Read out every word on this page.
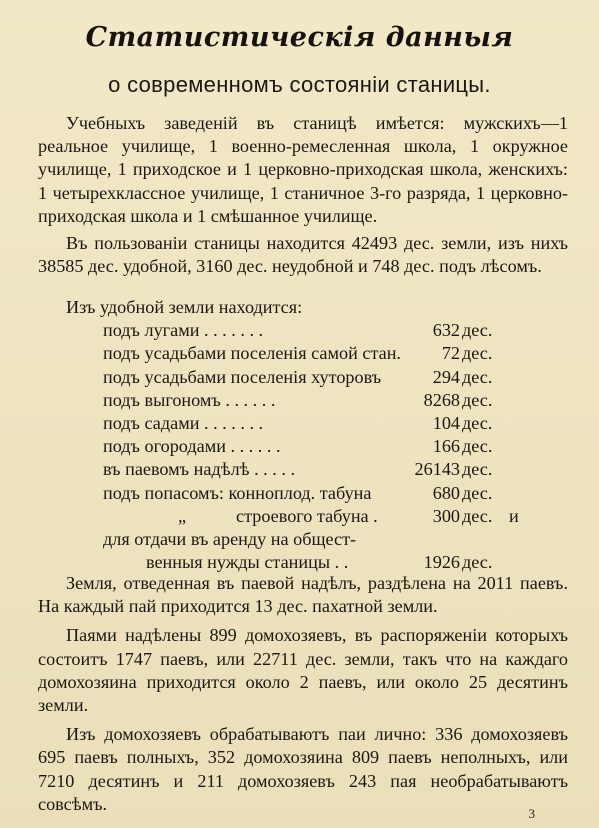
Статистическія данныя
о современномъ состояніи станицы.

Учебныхъ заведеній въ станицѣ имѣется: мужскихъ—1 реальное училище, 1 военно-ремесленная школа, 1 окружное училище, 1 приходское и 1 церковно-приходская школа, женскихъ: 1 четырехклассное училище, 1 станичное 3-го разряда, 1 церковно-приходская школа и 1 смѣшанное училище.

Въ пользованіи станицы находится 42493 дес. земли, изъ нихъ 38585 дес. удобной, 3160 дес. неудобной и 748 дес. подъ лѣсомъ.

Изъ удобной земли находится:
подъ лугами . . . . . . .	632 дес.
подъ усадьбами поселенія самой стан. 72 дес.
подъ усадьбами поселенія хуторовъ	294 дес.
подъ выгономъ . . . . . .	8268 дес.
подъ садами . . . . . . .	104 дес.
подъ огородами . . . . . .	166 дес.
въ паевомъ надѣлѣ . . . . .	26143 дес.
подъ попасомъ: конноплод. табуна	680 дес.
„	строевого табуна .	300 дес. и
для отдачи въ аренду на общест-
венныя нужды станицы . .	1926 дес.

Земля, отведенная въ паевой надѣлъ, раздѣлена на 2011 паевъ. На каждый пай приходится 13 дес. пахатной земли.

Паями надѣлены 899 домохозяевъ, въ распоряженіи которыхъ состоитъ 1747 паевъ, или 22711 дес. земли, такъ что на каждаго домохозяина приходится около 2 паевъ, или около 25 десятинъ земли.

Изъ домохозяевъ обрабатываютъ паи лично: 336 домохозяевъ 695 паевъ полныхъ, 352 домохозяина 809 паевъ неполныхъ, или 7210 десятинъ и 211 домохозяевъ 243 пая необрабатываютъ совсѣмъ.	3
